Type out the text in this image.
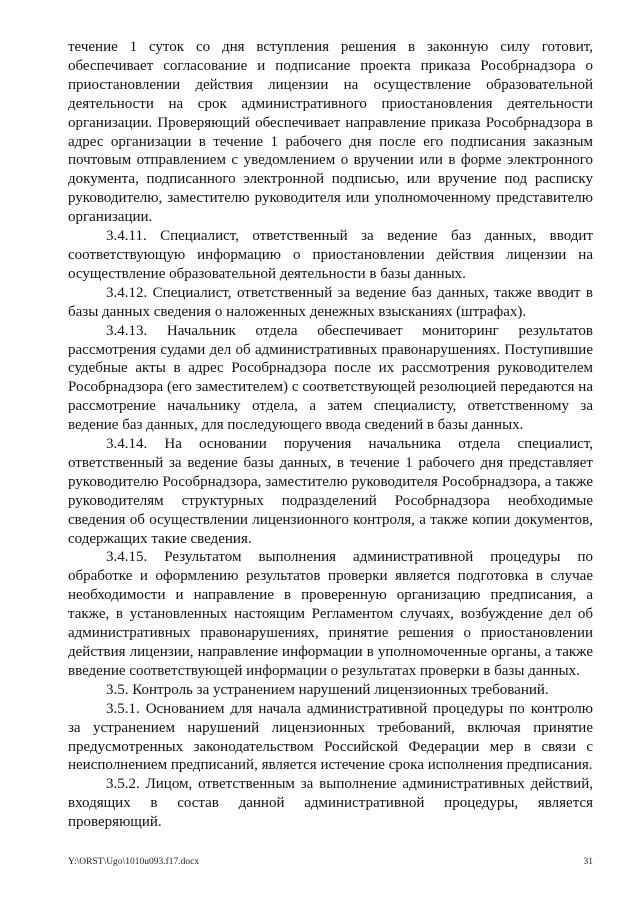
течение 1 суток со дня вступления решения в законную силу готовит, обеспечивает согласование и подписание проекта приказа Рособрнадзора о приостановлении действия лицензии на осуществление образовательной деятельности на срок административного приостановления деятельности организации. Проверяющий обеспечивает направление приказа Рособрнадзора в адрес организации в течение 1 рабочего дня после его подписания заказным почтовым отправлением с уведомлением о вручении или в форме электронного документа, подписанного электронной подписью, или вручение под расписку руководителю, заместителю руководителя или уполномоченному представителю организации.

3.4.11. Специалист, ответственный за ведение баз данных, вводит соответствующую информацию о приостановлении действия лицензии на осуществление образовательной деятельности в базы данных.

3.4.12. Специалист, ответственный за ведение баз данных, также вводит в базы данных сведения о наложенных денежных взысканиях (штрафах).

3.4.13. Начальник отдела обеспечивает мониторинг результатов рассмотрения судами дел об административных правонарушениях. Поступившие судебные акты в адрес Рособрнадзора после их рассмотрения руководителем Рособрнадзора (его заместителем) с соответствующей резолюцией передаются на рассмотрение начальнику отдела, а затем специалисту, ответственному за ведение баз данных, для последующего ввода сведений в базы данных.

3.4.14. На основании поручения начальника отдела специалист, ответственный за ведение базы данных, в течение 1 рабочего дня представляет руководителю Рособрнадзора, заместителю руководителя Рособрнадзора, а также руководителям структурных подразделений Рособрнадзора необходимые сведения об осуществлении лицензионного контроля, а также копии документов, содержащих такие сведения.

3.4.15. Результатом выполнения административной процедуры по обработке и оформлению результатов проверки является подготовка в случае необходимости и направление в проверенную организацию предписания, а также, в установленных настоящим Регламентом случаях, возбуждение дел об административных правонарушениях, принятие решения о приостановлении действия лицензии, направление информации в уполномоченные органы, а также введение соответствующей информации о результатах проверки в базы данных.

3.5. Контроль за устранением нарушений лицензионных требований.

3.5.1. Основанием для начала административной процедуры по контролю за устранением нарушений лицензионных требований, включая принятие предусмотренных законодательством Российской Федерации мер в связи с неисполнением предписаний, является истечение срока исполнения предписания.

3.5.2. Лицом, ответственным за выполнение административных действий, входящих в состав данной административной процедуры, является проверяющий.

Y:\ORST\Ugo\1010u093.f17.docx	31
